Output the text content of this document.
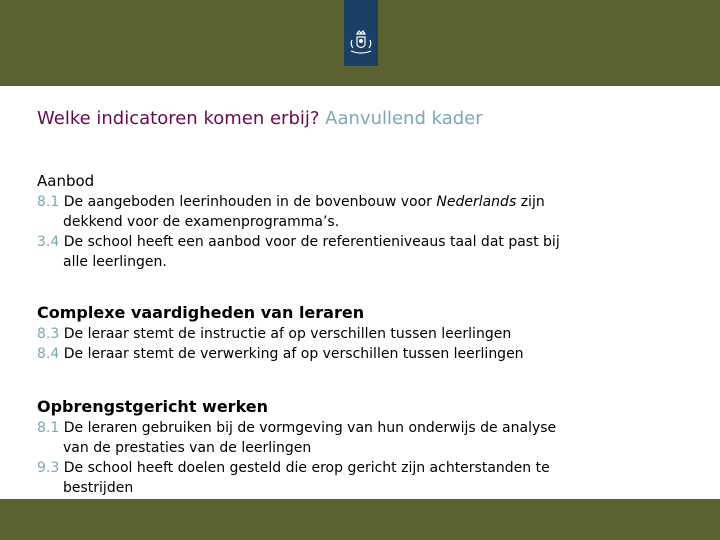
Welke indicatoren komen erbij? Aanvullend kader
Aanbod
8.1 De aangeboden leerinhouden in de bovenbouw voor Nederlands zijn
dekkend voor de examenprogramma’s.
3.4 De school heeft een aanbod voor de referentieniveaus taal dat past bij
alle leerlingen.
Complexe vaardigheden van leraren
8.3 De leraar stemt de instructie af op verschillen tussen leerlingen
8.4 De leraar stemt de verwerking af op verschillen tussen leerlingen
Opbrengstgericht werken
8.1 De leraren gebruiken bij de vormgeving van hun onderwijs de analyse
van de prestaties van de leerlingen
9.3 De school heeft doelen gesteld die erop gericht zijn achterstanden te
bestrijden
